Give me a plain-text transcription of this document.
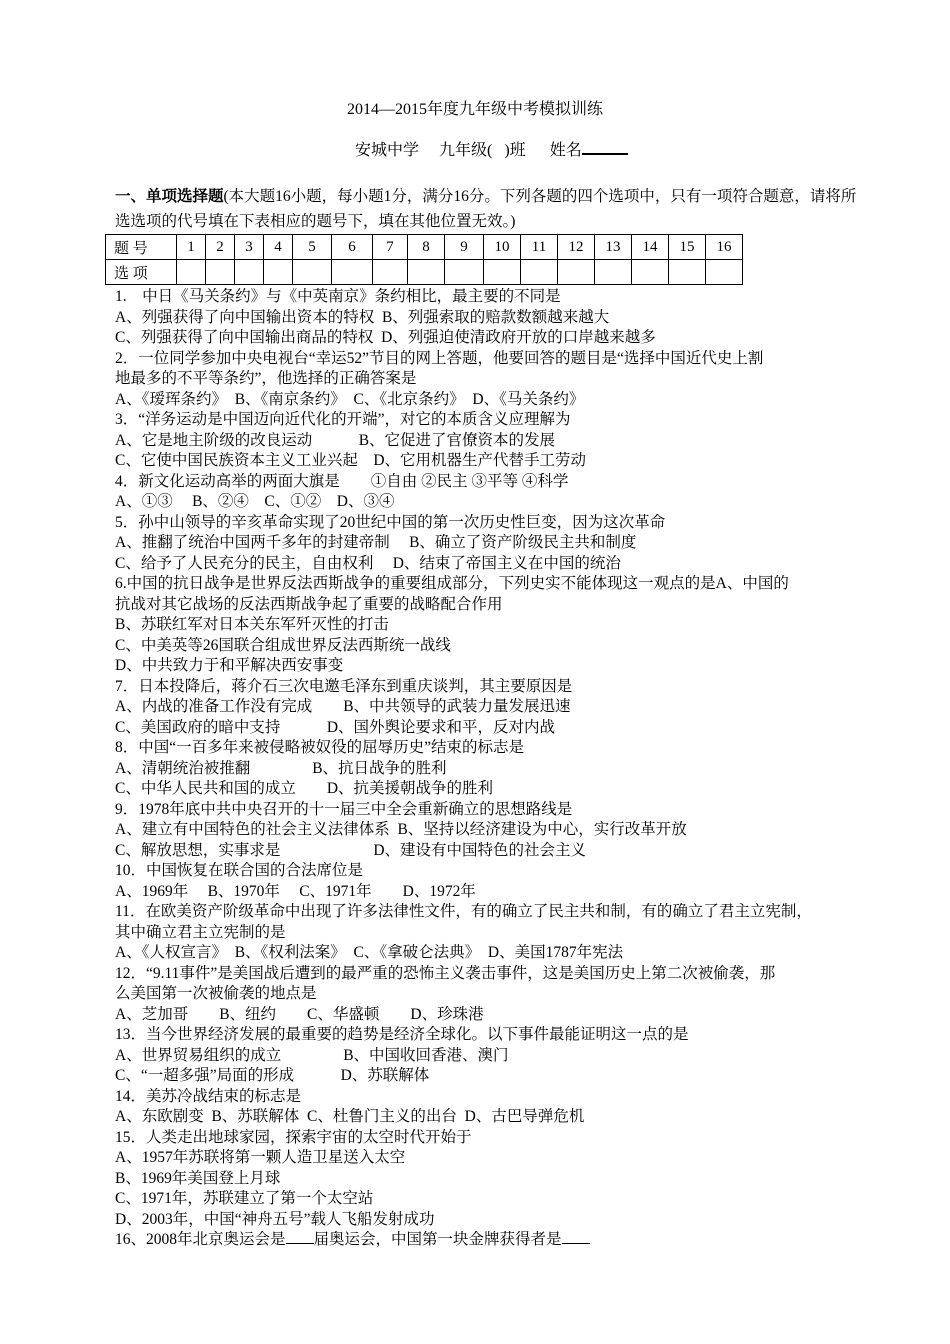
2014—2015年度九年级中考模拟训练
安城中学 九年级(   )班 姓名
一、单项选择题(本大题16小题，每小题1分，满分16分。下列各题的四个选项中，只有一项符合题意，请将所选选项的代号填在下表相应的题号下，填在其他位置无效。)
题 号	1	2	3	4	5	6	7	8	9	10	11	12	13	14	15	16
选 项																
1.　中日《马关条约》与《中英南京》条约相比，最主要的不同是
A、列强获得了向中国输出资本的特权  B、列强索取的赔款数额越来越大
C、列强获得了向中国输出商品的特权  D、列强迫使清政府开放的口岸越来越多
2．一位同学参加中央电视台“幸运52”节目的网上答题，他要回答的题目是“选择中国近代史上割
地最多的不平等条约”，他选择的正确答案是
A、《瑷珲条约》  B、《南京条约》  C、《北京条约》  D、《马关条约》
3．“洋务运动是中国迈向近代化的开端”，对它的本质含义应理解为
A、它是地主阶级的改良运动　　　B、它促进了官僚资本的发展
C、它使中国民族资本主义工业兴起　D、它用机器生产代替手工劳动
4．新文化运动高举的两面大旗是　　①自由 ②民主 ③平等 ④科学
A、①③　 B、②④　C、①②　D、③④
5．孙中山领导的辛亥革命实现了20世纪中国的第一次历史性巨变，因为这次革命
A、推翻了统治中国两千多年的封建帝制　 B、确立了资产阶级民主共和制度
C、给予了人民充分的民主，自由权利　 D、结束了帝国主义在中国的统治
6.中国的抗日战争是世界反法西斯战争的重要组成部分，下列史实不能体现这一观点的是A、中国的
抗战对其它战场的反法西斯战争起了重要的战略配合作用
B、苏联红军对日本关东军歼灭性的打击
C、中美英等26国联合组成世界反法西斯统一战线
D、中共致力于和平解决西安事变
7．日本投降后，蒋介石三次电邀毛泽东到重庆谈判，其主要原因是
A、内战的准备工作没有完成　　B、中共领导的武装力量发展迅速
C、美国政府的暗中支持　　　D、国外舆论要求和平，反对内战
8．中国“一百多年来被侵略被奴役的屈辱历史”结束的标志是
A、清朝统治被推翻　　　　B、抗日战争的胜利
C、中华人民共和国的成立　　D、抗美援朝战争的胜利
9．1978年底中共中央召开的十一届三中全会重新确立的思想路线是
A、建立有中国特色的社会主义法律体系  B、坚持以经济建设为中心，实行改革开放
C、解放思想，实事求是　　　　　　D、建设有中国特色的社会主义
10．中国恢复在联合国的合法席位是
A、1969年　 B、1970年　 C、1971年　　D、1972年
11．在欧美资产阶级革命中出现了许多法律性文件，有的确立了民主共和制，有的确立了君主立宪制，
其中确立君主立宪制的是
A、《人权宣言》  B、《权利法案》  C、《拿破仑法典》  D、美国1787年宪法
12．“9.11事件”是美国战后遭到的最严重的恐怖主义袭击事件，这是美国历史上第二次被偷袭，那
么美国第一次被偷袭的地点是
A、芝加哥　　B、纽约　　C、华盛顿　　D、珍珠港
13．当今世界经济发展的最重要的趋势是经济全球化。以下事件最能证明这一点的是
A、世界贸易组织的成立　　　　B、中国收回香港、澳门
C、“一超多强”局面的形成　　　D、苏联解体
14．美苏冷战结束的标志是
A、东欧剧变  B、苏联解体  C、杜鲁门主义的出台  D、古巴导弹危机
15．人类走出地球家园，探索宇宙的太空时代开始于
A、1957年苏联将第一颗人造卫星送入太空
B、1969年美国登上月球
C、1971年，苏联建立了第一个太空站
D、2003年，中国“神舟五号”载人飞船发射成功
16、2008年北京奥运会是 届奥运会，中国第一块金牌获得者是
